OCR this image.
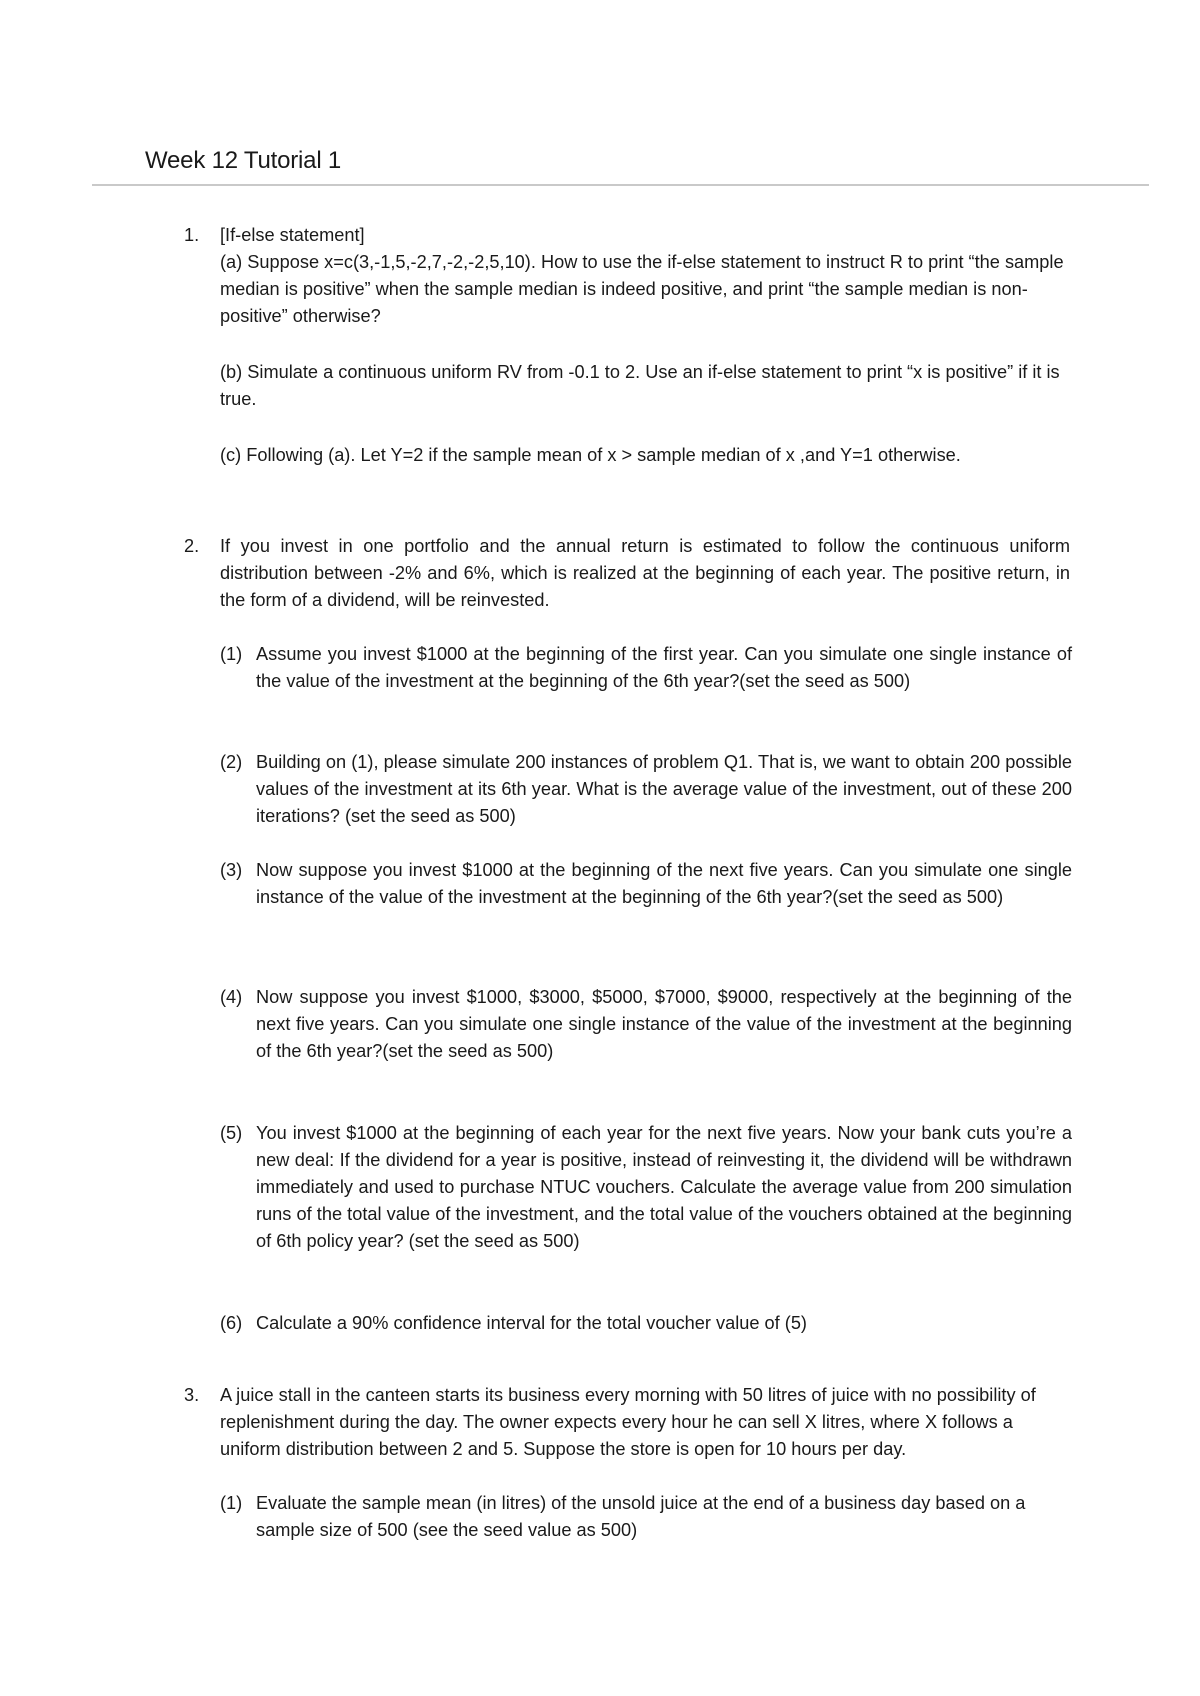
Week 12 Tutorial 1
1. [If-else statement]

(a) Suppose x=c(3,-1,5,-2,7,-2,-2,5,10). How to use the if-else statement to instruct R to print “the sample median is positive” when the sample median is indeed positive, and print “the sample median is non-positive” otherwise?

(b) Simulate a continuous uniform RV from -0.1 to 2. Use an if-else statement to print “x is positive” if it is true.

(c) Following (a). Let Y=2 if the sample mean of x > sample median of x ,and Y=1 otherwise.

2. If you invest in one portfolio and the annual return is estimated to follow the continuous uniform distribution between -2% and 6%, which is realized at the beginning of each year. The positive return, in the form of a dividend, will be reinvested.
(1) Assume you invest $1000 at the beginning of the first year. Can you simulate one single instance of the value of the investment at the beginning of the 6th year?(set the seed as 500)
(2) Building on (1), please simulate 200 instances of problem Q1. That is, we want to obtain 200 possible values of the investment at its 6th year. What is the average value of the investment, out of these 200 iterations? (set the seed as 500)
(3) Now suppose you invest $1000 at the beginning of the next five years. Can you simulate one single instance of the value of the investment at the beginning of the 6th year?(set the seed as 500)
(4) Now suppose you invest $1000, $3000, $5000, $7000, $9000, respectively at the beginning of the next five years. Can you simulate one single instance of the value of the investment at the beginning of the 6th year?(set the seed as 500)
(5) You invest $1000 at the beginning of each year for the next five years. Now your bank cuts you’re a new deal: If the dividend for a year is positive, instead of reinvesting it, the dividend will be withdrawn immediately and used to purchase NTUC vouchers. Calculate the average value from 200 simulation runs of the total value of the investment, and the total value of the vouchers obtained at the beginning of 6th policy year? (set the seed as 500)
(6) Calculate a 90% confidence interval for the total voucher value of (5)
3. A juice stall in the canteen starts its business every morning with 50 litres of juice with no possibility of replenishment during the day. The owner expects every hour he can sell X litres, where X follows a uniform distribution between 2 and 5. Suppose the store is open for 10 hours per day.
(1) Evaluate the sample mean (in litres) of the unsold juice at the end of a business day based on a sample size of 500 (see the seed value as 500)
